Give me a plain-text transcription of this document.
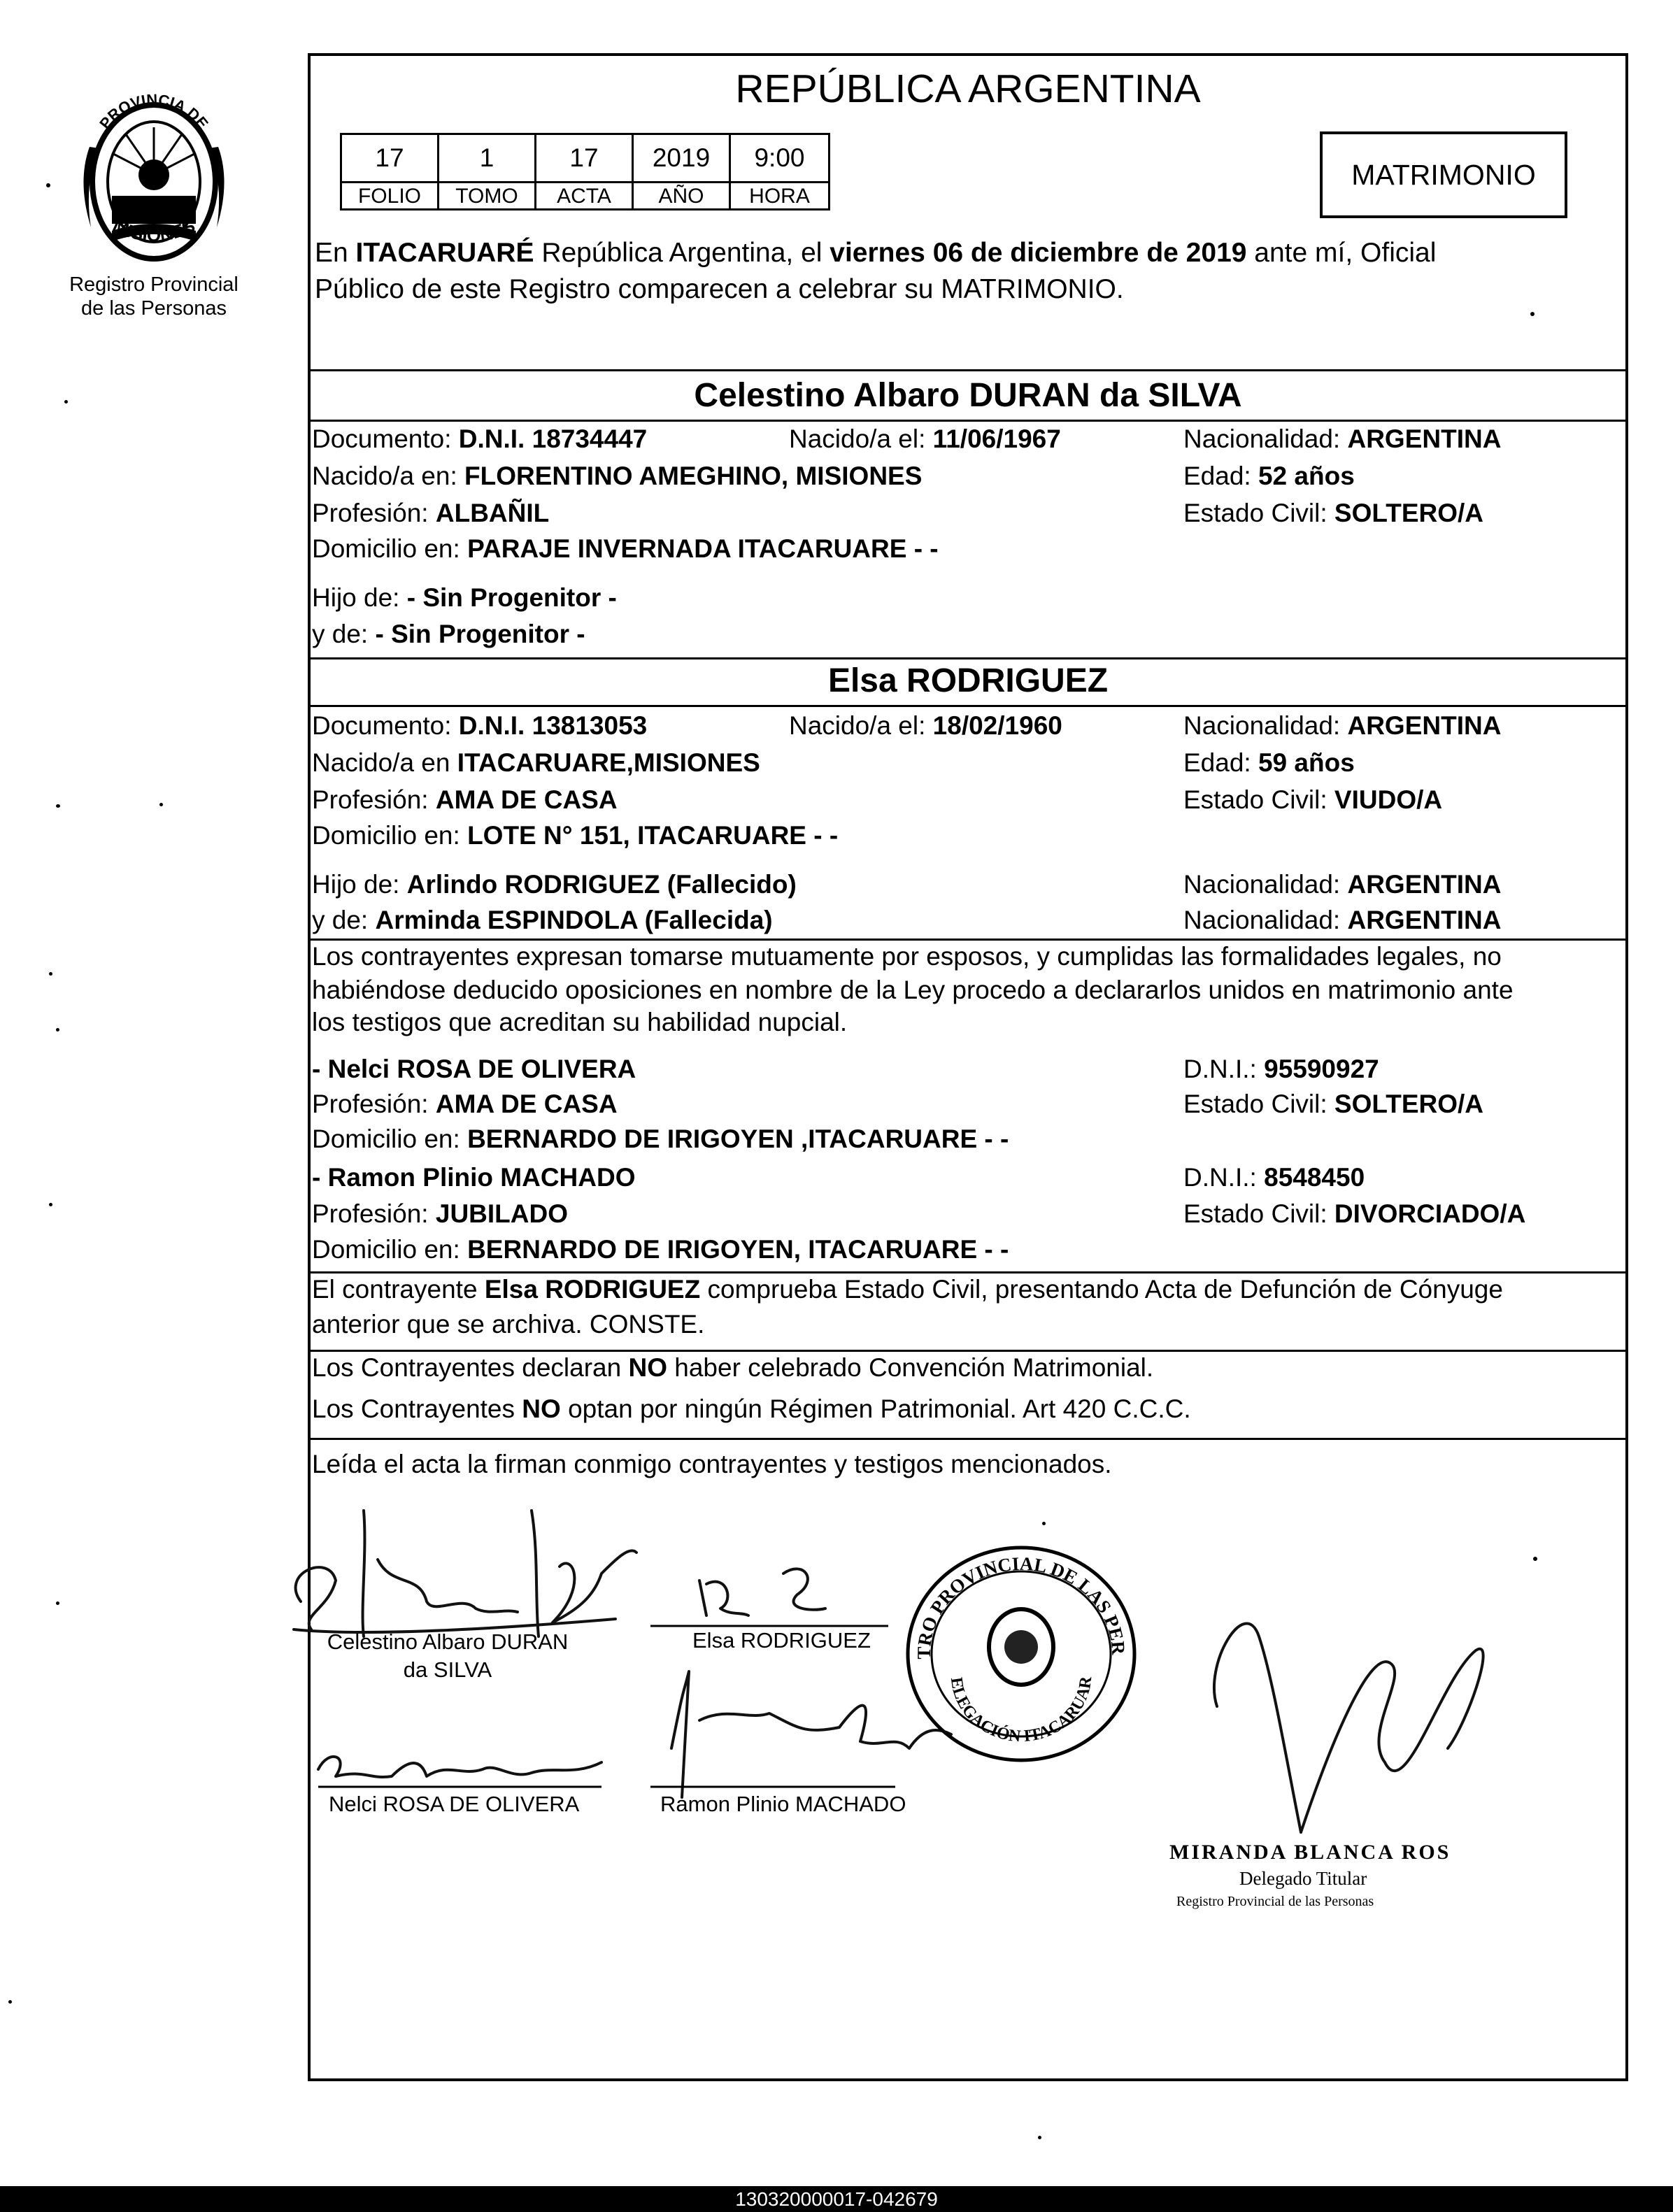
PROVINCIA DE
MISIONES
Registro Provincial
de las Personas
REPÚBLICA ARGENTINA
17	1	17	2019	9:00
FOLIO	TOMO	ACTA	AÑO	HORA
MATRIMONIO
En ITACARUARÉ República Argentina, el viernes 06 de diciembre de 2019 ante mí, Oficial
Público de este Registro comparecen a celebrar su MATRIMONIO.
Celestino Albaro DURAN da SILVA
Documento: D.N.I. 18734447	Nacido/a el: 11/06/1967	Nacionalidad: ARGENTINA
Nacido/a en: FLORENTINO AMEGHINO, MISIONES	Edad: 52 años
Profesión: ALBAÑIL	Estado Civil: SOLTERO/A
Domicilio en: PARAJE INVERNADA ITACARUARE - -
Hijo de: - Sin Progenitor -
y de: - Sin Progenitor -
Elsa RODRIGUEZ
Documento: D.N.I. 13813053	Nacido/a el: 18/02/1960	Nacionalidad: ARGENTINA
Nacido/a en ITACARUARE,MISIONES	Edad: 59 años
Profesión: AMA DE CASA	Estado Civil: VIUDO/A
Domicilio en: LOTE N° 151, ITACARUARE - -
Hijo de: Arlindo RODRIGUEZ (Fallecido)	Nacionalidad: ARGENTINA
y de: Arminda ESPINDOLA (Fallecida)	Nacionalidad: ARGENTINA
Los contrayentes expresan tomarse mutuamente por esposos, y cumplidas las formalidades legales, no
habiéndose deducido oposiciones en nombre de la Ley procedo a declararlos unidos en matrimonio ante
los testigos que acreditan su habilidad nupcial.
- Nelci ROSA DE OLIVERA	D.N.I.: 95590927
Profesión: AMA DE CASA	Estado Civil: SOLTERO/A
Domicilio en: BERNARDO DE IRIGOYEN ,ITACARUARE - -
- Ramon Plinio MACHADO	D.N.I.: 8548450
Profesión: JUBILADO	Estado Civil: DIVORCIADO/A
Domicilio en: BERNARDO DE IRIGOYEN, ITACARUARE - -
El contrayente Elsa RODRIGUEZ comprueba Estado Civil, presentando Acta de Defunción de Cónyuge
anterior que se archiva. CONSTE.
Los Contrayentes declaran NO haber celebrado Convención Matrimonial.
Los Contrayentes NO optan por ningún Régimen Patrimonial. Art 420 C.C.C.
Leída el acta la firman conmigo contrayentes y testigos mencionados.
TRO PROVINCIAL DE LAS PER
ELEGACIÓN ITACARUAR
Celestino Albaro DURAN
da SILVA
Elsa RODRIGUEZ
Nelci ROSA DE OLIVERA	Ramon Plinio MACHADO
MIRANDA BLANCA ROS
Delegado Titular
Registro Provincial de las Personas
130320000017-042679
